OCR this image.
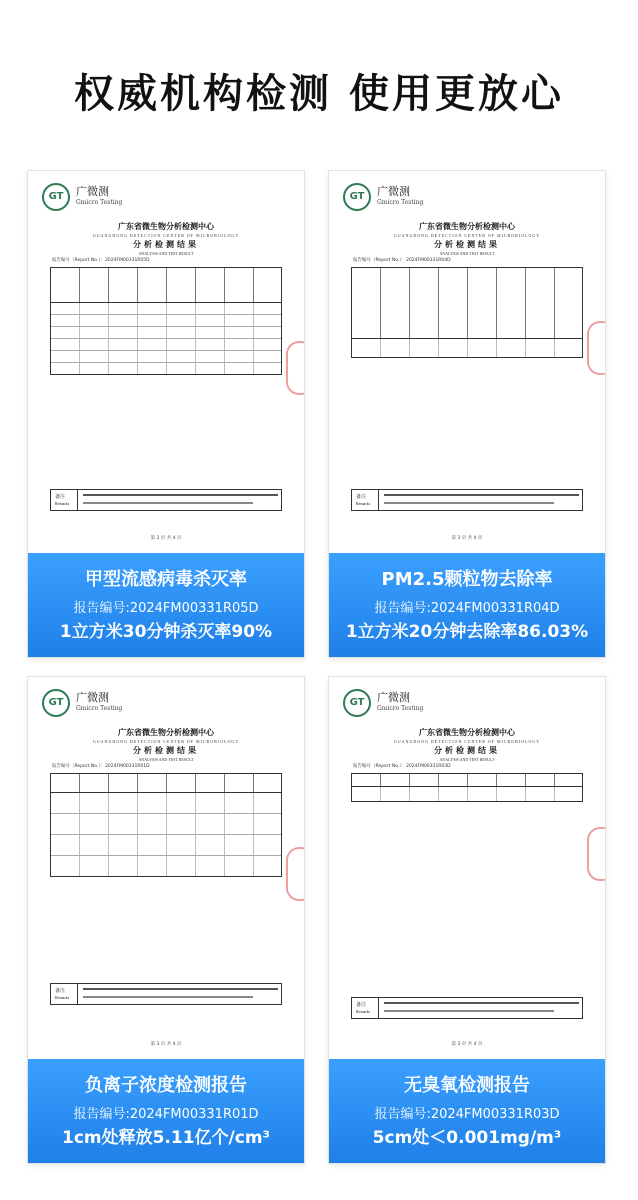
权威机构检测 使用更放心
GT	广微测
Gmicro Testing
广东省微生物分析检测中心
GUANGDONG DETECTION CENTER OF MICROBIOLOGY
分析检测结果
ANALYSIS AND TEST RESULT
报告编号（Report No.）：2024FM00331R05D
备注
Remarks
第 3 页 共 4 页
甲型流感病毒杀灭率
报告编号:2024FM00331R05D
1立方米30分钟杀灭率90%
GT	广微测
Gmicro Testing
广东省微生物分析检测中心
GUANGDONG DETECTION CENTER OF MICROBIOLOGY
分析检测结果
ANALYSIS AND TEST RESULT
报告编号（Report No.）：2024FM00331R04D
备注
Remarks
第 3 页 共 4 页
PM2.5颗粒物去除率
报告编号:2024FM00331R04D
1立方米20分钟去除率86.03%
GT	广微测
Gmicro Testing
广东省微生物分析检测中心
GUANGDONG DETECTION CENTER OF MICROBIOLOGY
分析检测结果
ANALYSIS AND TEST RESULT
报告编号（Report No.）：2024FM00331R01D
备注
Remarks
第 3 页 共 4 页
负离子浓度检测报告
报告编号:2024FM00331R01D
1cm处释放5.11亿个/cm³
GT	广微测
Gmicro Testing
广东省微生物分析检测中心
GUANGDONG DETECTION CENTER OF MICROBIOLOGY
分析检测结果
ANALYSIS AND TEST RESULT
报告编号（Report No.）：2024FM00331R03D
备注
Remarks
第 3 页 共 4 页
无臭氧检测报告
报告编号:2024FM00331R03D
5cm处＜0.001mg/m³
